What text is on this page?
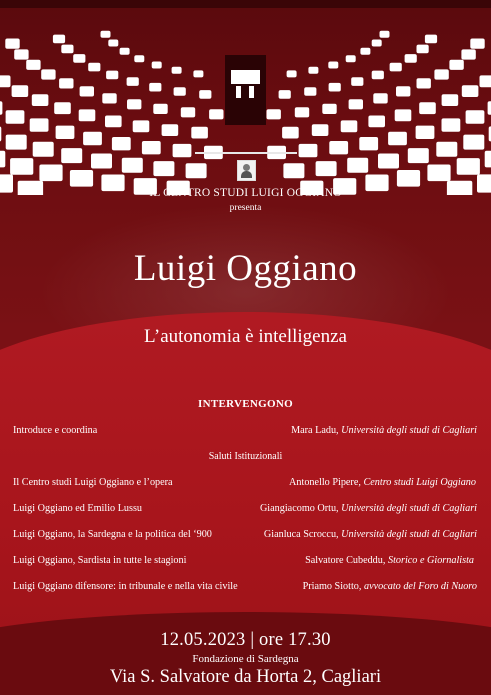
IL CENTRO STUDI LUIGI OGGIANO
presenta
Luigi Oggiano
L’autonomia è intelligenza
INTERVENGONO
Introduce e coordina	Mara Ladu, Università degli studi di Cagliari
Saluti Istituzionali
Il Centro studi Luigi Oggiano e l’opera	Antonello Pipere, Centro studi Luigi Oggiano
Luigi Oggiano ed Emilio Lussu	Giangiacomo Ortu, Università degli studi di Cagliari
Luigi Oggiano, la Sardegna e la politica del ‘900	Gianluca Scroccu, Università degli studi di Cagliari
Luigi Oggiano, Sardista in tutte le stagioni	Salvatore Cubeddu, Storico e Giornalista
Luigi Oggiano difensore: in tribunale e nella vita civile	Priamo Siotto, avvocato del Foro di Nuoro
12.05.2023 | ore 17.30
Fondazione di Sardegna
Via S. Salvatore da Horta 2, Cagliari
